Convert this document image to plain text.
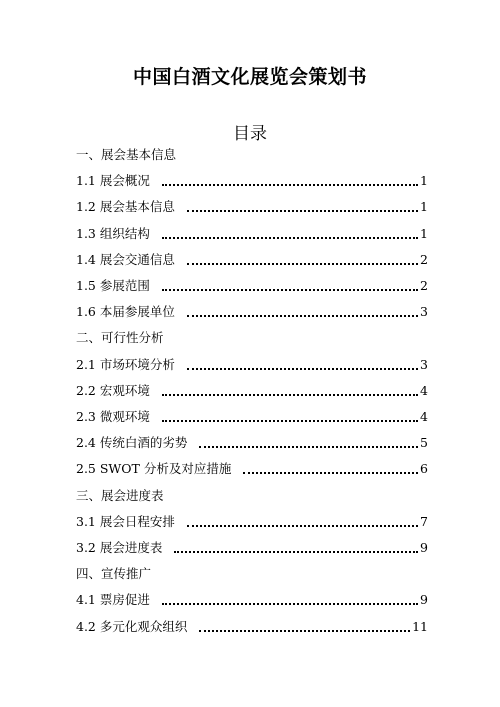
中国白酒文化展览会策划书
目录
一、展会基本信息
1.1 展会概况	1
1.2 展会基本信息	1
1.3 组织结构	1
1.4 展会交通信息	2
1.5 参展范围	2
1.6 本届参展单位	3
二、可行性分析
2.1 市场环境分析	3
2.2 宏观环境	4
2.3 微观环境	4
2.4 传统白酒的劣势	5
2.5 SWOT 分析及对应措施	6
三、展会进度表
3.1 展会日程安排	7
3.2 展会进度表	9
四、宣传推广
4.1 票房促进	9
4.2 多元化观众组织	11
